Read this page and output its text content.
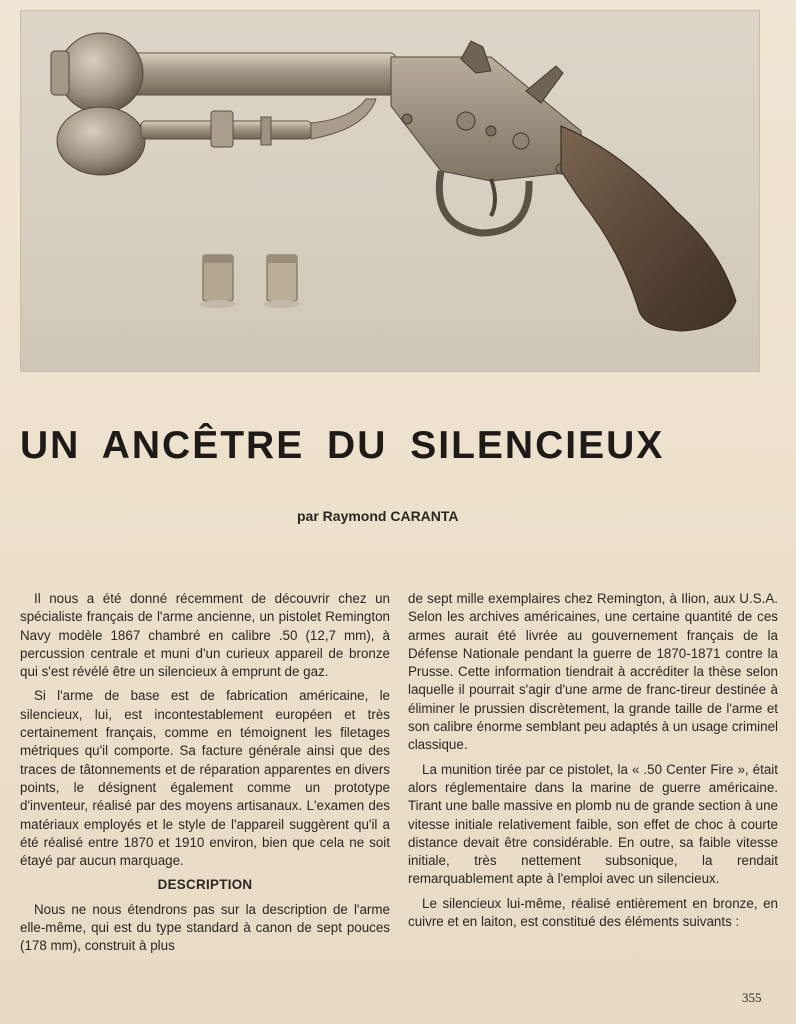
UN ANCÊTRE DU SILENCIEUX
par Raymond CARANTA

Il nous a été donné récemment de découvrir chez un spécialiste français de l'arme ancienne, un pistolet Remington Navy modèle 1867 chambré en calibre .50 (12,7 mm), à percussion centrale et muni d'un curieux appareil de bronze qui s'est révélé être un silencieux à emprunt de gaz.

Si l'arme de base est de fabrication américaine, le silencieux, lui, est incontestablement européen et très certainement français, comme en témoignent les filetages métriques qu'il comporte. Sa facture générale ainsi que des traces de tâtonnements et de réparation apparentes en divers points, le désignent également comme un prototype d'inventeur, réalisé par des moyens artisanaux. L'examen des matériaux employés et le style de l'appareil suggèrent qu'il a été réalisé entre 1870 et 1910 environ, bien que cela ne soit étayé par aucun marquage.

DESCRIPTION

Nous ne nous étendrons pas sur la description de l'arme elle-même, qui est du type standard à canon de sept pouces (178 mm), construit à plus

de sept mille exemplaires chez Remington, à Ilion, aux U.S.A. Selon les archives américaines, une certaine quantité de ces armes aurait été livrée au gouvernement français de la Défense Nationale pendant la guerre de 1870-1871 contre la Prusse. Cette information tiendrait à accréditer la thèse selon laquelle il pourrait s'agir d'une arme de franc-tireur destinée à éliminer le prussien discrètement, la grande taille de l'arme et son calibre énorme semblant peu adaptés à un usage criminel classique.

La munition tirée par ce pistolet, la « .50 Center Fire », était alors réglementaire dans la marine de guerre américaine. Tirant une balle massive en plomb nu de grande section à une vitesse initiale relativement faible, son effet de choc à courte distance devait être considérable. En outre, sa faible vitesse initiale, très nettement subsonique, la rendait remarquablement apte à l'emploi avec un silencieux.

Le silencieux lui-même, réalisé entièrement en bronze, en cuivre et en laiton, est constitué des éléments suivants :

355
